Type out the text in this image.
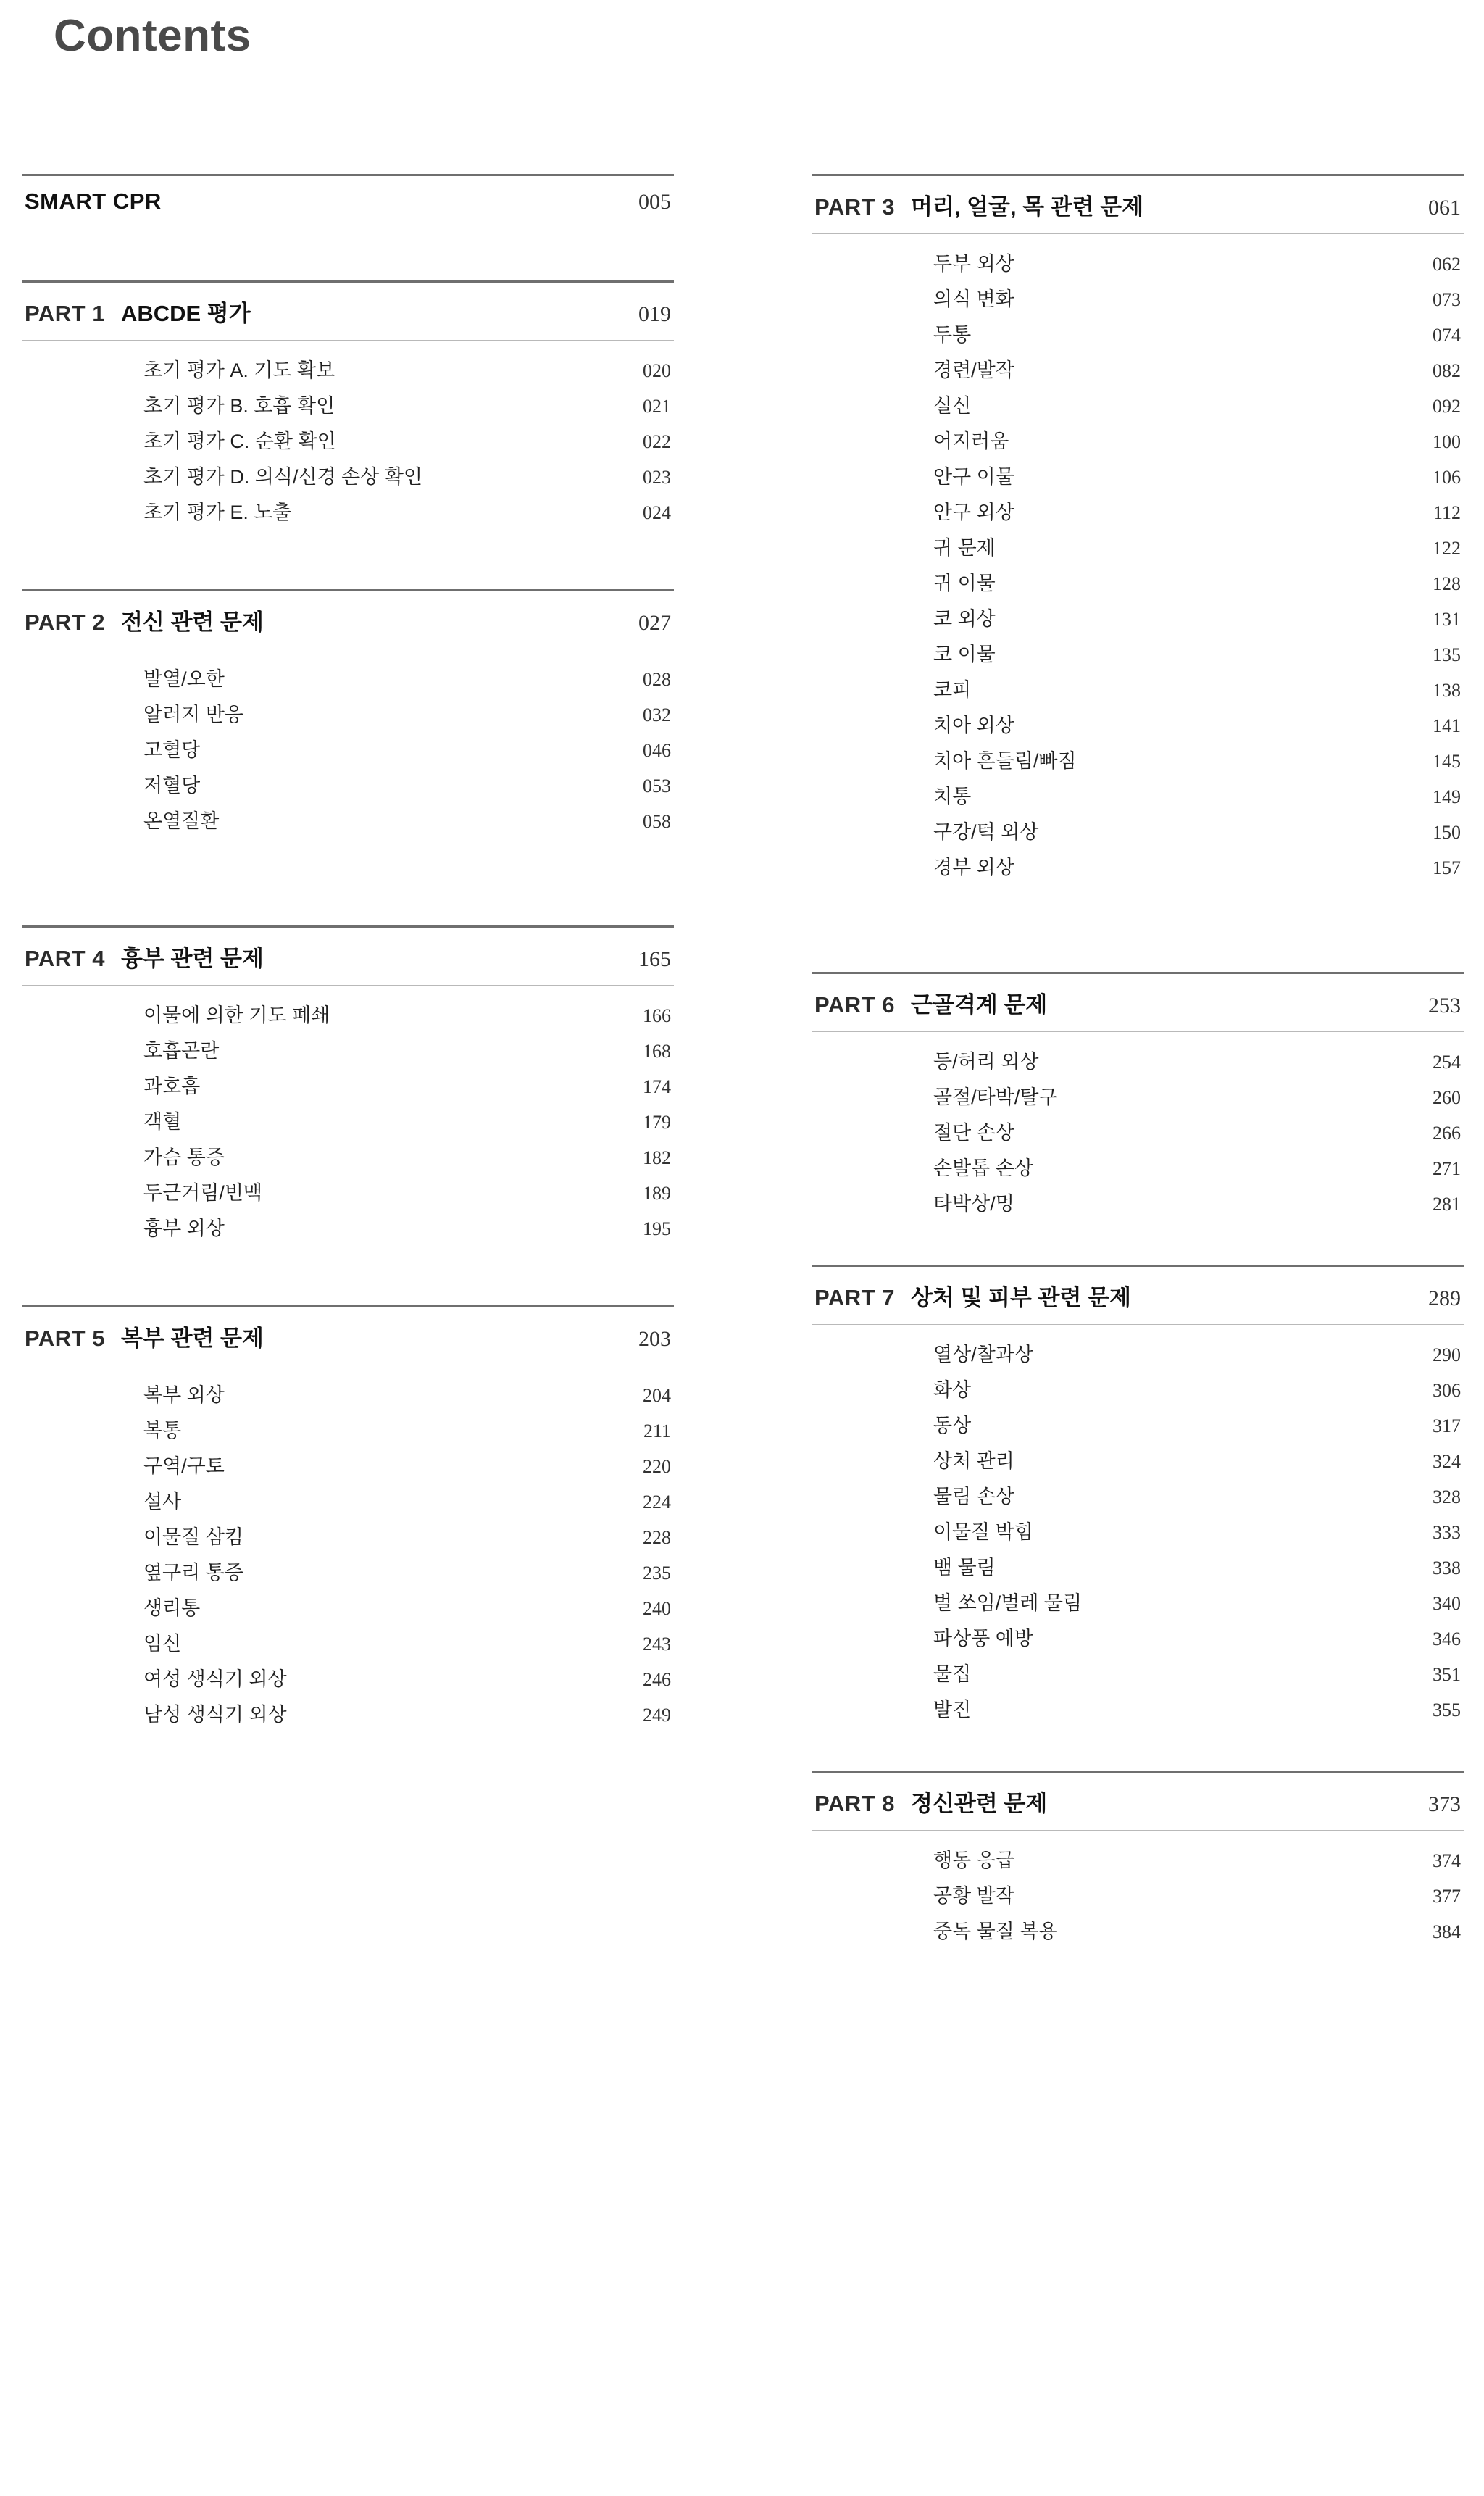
Contents
SMART CPR	005
PART 1 ABCDE 평가	019
초기 평가 A. 기도 확보	020
초기 평가 B. 호흡 확인	021
초기 평가 C. 순환 확인	022
초기 평가 D. 의식/신경 손상 확인	023
초기 평가 E. 노출	024
PART 2 전신 관련 문제	027
발열/오한	028
알러지 반응	032
고혈당	046
저혈당	053
온열질환	058
PART 4 흉부 관련 문제	165
이물에 의한 기도 폐쇄	166
호흡곤란	168
과호흡	174
객혈	179
가슴 통증	182
두근거림/빈맥	189
흉부 외상	195
PART 5 복부 관련 문제	203
복부 외상	204
복통	211
구역/구토	220
설사	224
이물질 삼킴	228
옆구리 통증	235
생리통	240
임신	243
여성 생식기 외상	246
남성 생식기 외상	249
PART 3 머리, 얼굴, 목 관련 문제	061
두부 외상	062
의식 변화	073
두통	074
경련/발작	082
실신	092
어지러움	100
안구 이물	106
안구 외상	112
귀 문제	122
귀 이물	128
코 외상	131
코 이물	135
코피	138
치아 외상	141
치아 흔들림/빠짐	145
치통	149
구강/턱 외상	150
경부 외상	157
PART 6 근골격계 문제	253
등/허리 외상	254
골절/타박/탈구	260
절단 손상	266
손발톱 손상	271
타박상/멍	281
PART 7 상처 및 피부 관련 문제	289
열상/찰과상	290
화상	306
동상	317
상처 관리	324
물림 손상	328
이물질 박힘	333
뱀 물림	338
벌 쏘임/벌레 물림	340
파상풍 예방	346
물집	351
발진	355
PART 8 정신관련 문제	373
행동 응급	374
공황 발작	377
중독 물질 복용	384
